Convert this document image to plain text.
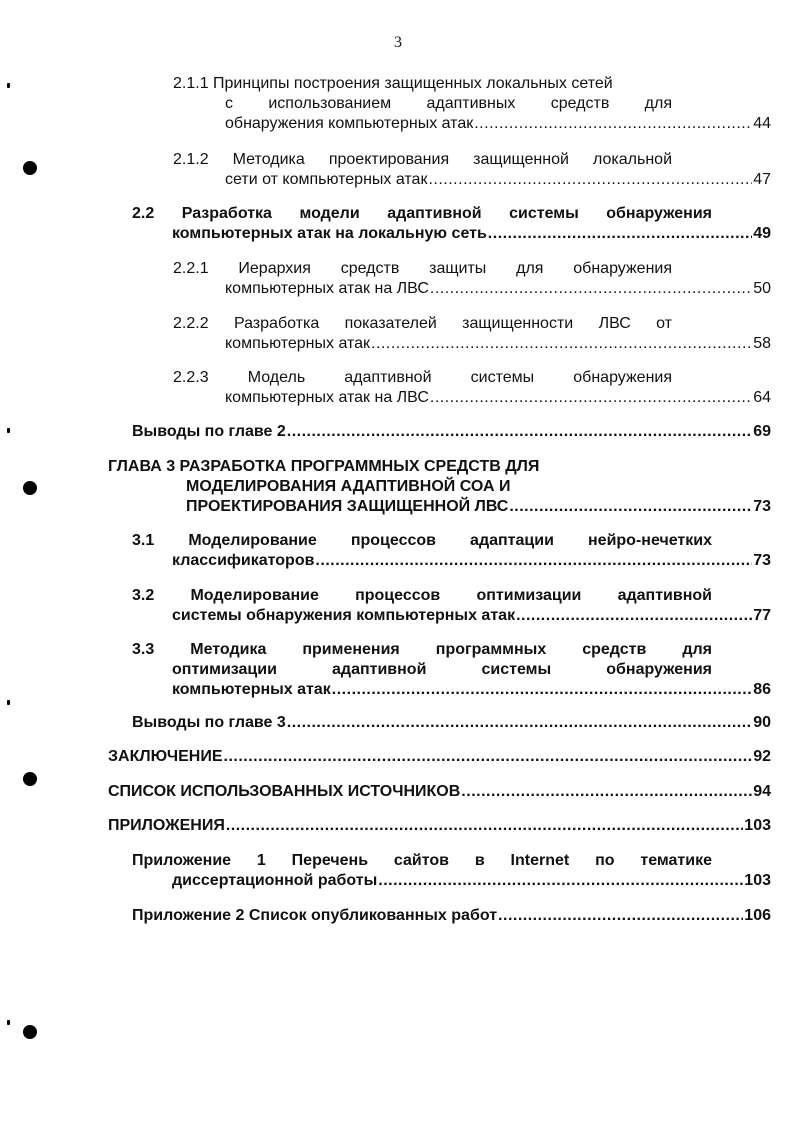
3
2.1.1 Принципы построения защищенных локальных сетей
с использованием адаптивных средств для
обнаружения компьютерных атак .....	44
2.1.2 Методика проектирования защищенной локальной
сети от компьютерных атак .....	47
2.2 Разработка модели адаптивной системы обнаружения
компьютерных атак на локальную сеть .....	49
2.2.1 Иерархия средств защиты для обнаружения
компьютерных атак на ЛВС .....	50
2.2.2 Разработка показателей защищенности ЛВС от
компьютерных атак .....	58
2.2.3 Модель адаптивной системы обнаружения
компьютерных атак на ЛВС .....	64
Выводы по главе 2 .....	69
ГЛАВА 3 РАЗРАБОТКА ПРОГРАММНЫХ СРЕДСТВ ДЛЯ
МОДЕЛИРОВАНИЯ АДАПТИВНОЙ СОА И
ПРОЕКТИРОВАНИЯ ЗАЩИЩЕННОЙ ЛВС .....	73
3.1 Моделирование процессов адаптации нейро-нечетких
классификаторов .....	73
3.2 Моделирование процессов оптимизации адаптивной
системы обнаружения компьютерных атак .....	77
3.3 Методика применения программных средств для
оптимизации адаптивной системы обнаружения
компьютерных атак .....	86
Выводы по главе 3 .....	90
ЗАКЛЮЧЕНИЕ .....	92
СПИСОК ИСПОЛЬЗОВАННЫХ ИСТОЧНИКОВ .....	94
ПРИЛОЖЕНИЯ .....	103
Приложение 1 Перечень сайтов в Internet по тематике
диссертационной работы .....	103
Приложение 2 Список опубликованных работ .....	106
